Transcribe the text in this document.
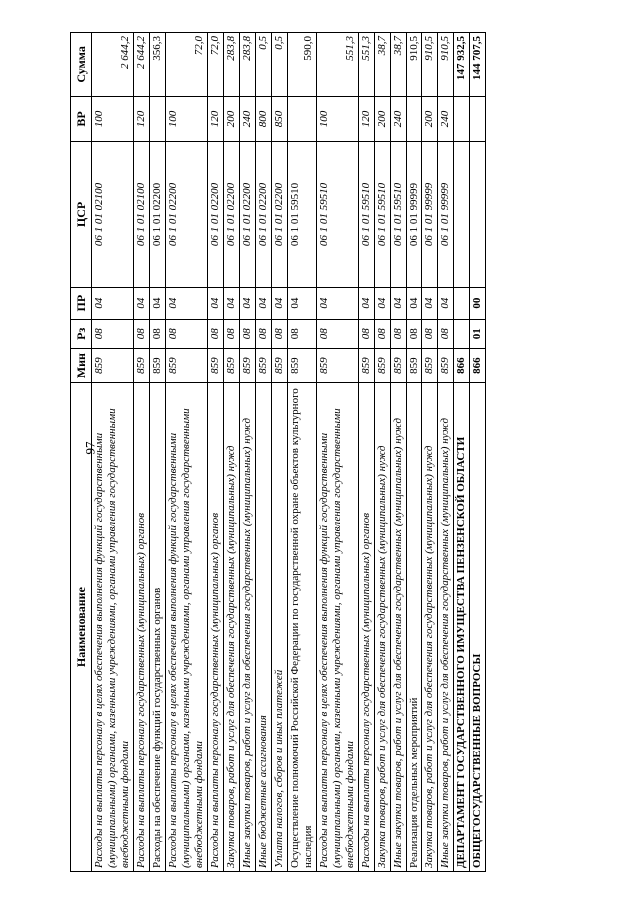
97
Наименование	Мин	Рз	ПР	ЦСР	ВР	Сумма
Расходы на выплаты персоналу в целях обеспечения выполнения функций государственными (муниципальными) органами, казенными учреждениями, органами управления государственными внебюджетными фондами	859	08	04	06 1 01 02100	100	2 644,2
Расходы на выплаты персоналу государственных (муниципальных) органов	859	08	04	06 1 01 02100	120	2 644,2
Расходы на обеспечение функций государственных органов	859	08	04	06 1 01 02200		356,3
Расходы на выплаты персоналу в целях обеспечения выполнения функций государственными (муниципальными) органами, казенными учреждениями, органами управления государственными внебюджетными фондами	859	08	04	06 1 01 02200	100	72,0
Расходы на выплаты персоналу государственных (муниципальных) органов	859	08	04	06 1 01 02200	120	72,0
Закупка товаров, работ и услуг для обеспечения государственных (муниципальных) нужд	859	08	04	06 1 01 02200	200	283,8
Иные закупки товаров, работ и услуг для обеспечения государственных (муниципальных) нужд	859	08	04	06 1 01 02200	240	283,8
Иные бюджетные ассигнования	859	08	04	06 1 01 02200	800	0,5
Уплата налогов, сборов и иных платежей	859	08	04	06 1 01 02200	850	0,5
Осуществление полномочий Российской Федерации по государственной охране объектов культурного наследия	859	08	04	06 1 01 59510		590,0
Расходы на выплаты персоналу в целях обеспечения выполнения функций государственными (муниципальными) органами, казенными учреждениями, органами управления государственными внебюджетными фондами	859	08	04	06 1 01 59510	100	551,3
Расходы на выплаты персоналу государственных (муниципальных) органов	859	08	04	06 1 01 59510	120	551,3
Закупка товаров, работ и услуг для обеспечения государственных (муниципальных) нужд	859	08	04	06 1 01 59510	200	38,7
Иные закупки товаров, работ и услуг для обеспечения государственных (муниципальных) нужд	859	08	04	06 1 01 59510	240	38,7
Реализация отдельных мероприятий	859	08	04	06 1 01 99999		910,5
Закупка товаров, работ и услуг для обеспечения государственных (муниципальных) нужд	859	08	04	06 1 01 99999	200	910,5
Иные закупки товаров, работ и услуг для обеспечения государственных (муниципальных) нужд	859	08	04	06 1 01 99999	240	910,5
ДЕПАРТАМЕНТ ГОСУДАРСТВЕННОГО ИМУЩЕСТВА ПЕНЗЕНСКОЙ ОБЛАСТИ	866					147 932,5
ОБЩЕГОСУДАРСТВЕННЫЕ ВОПРОСЫ	866	01	00			144 707,5
